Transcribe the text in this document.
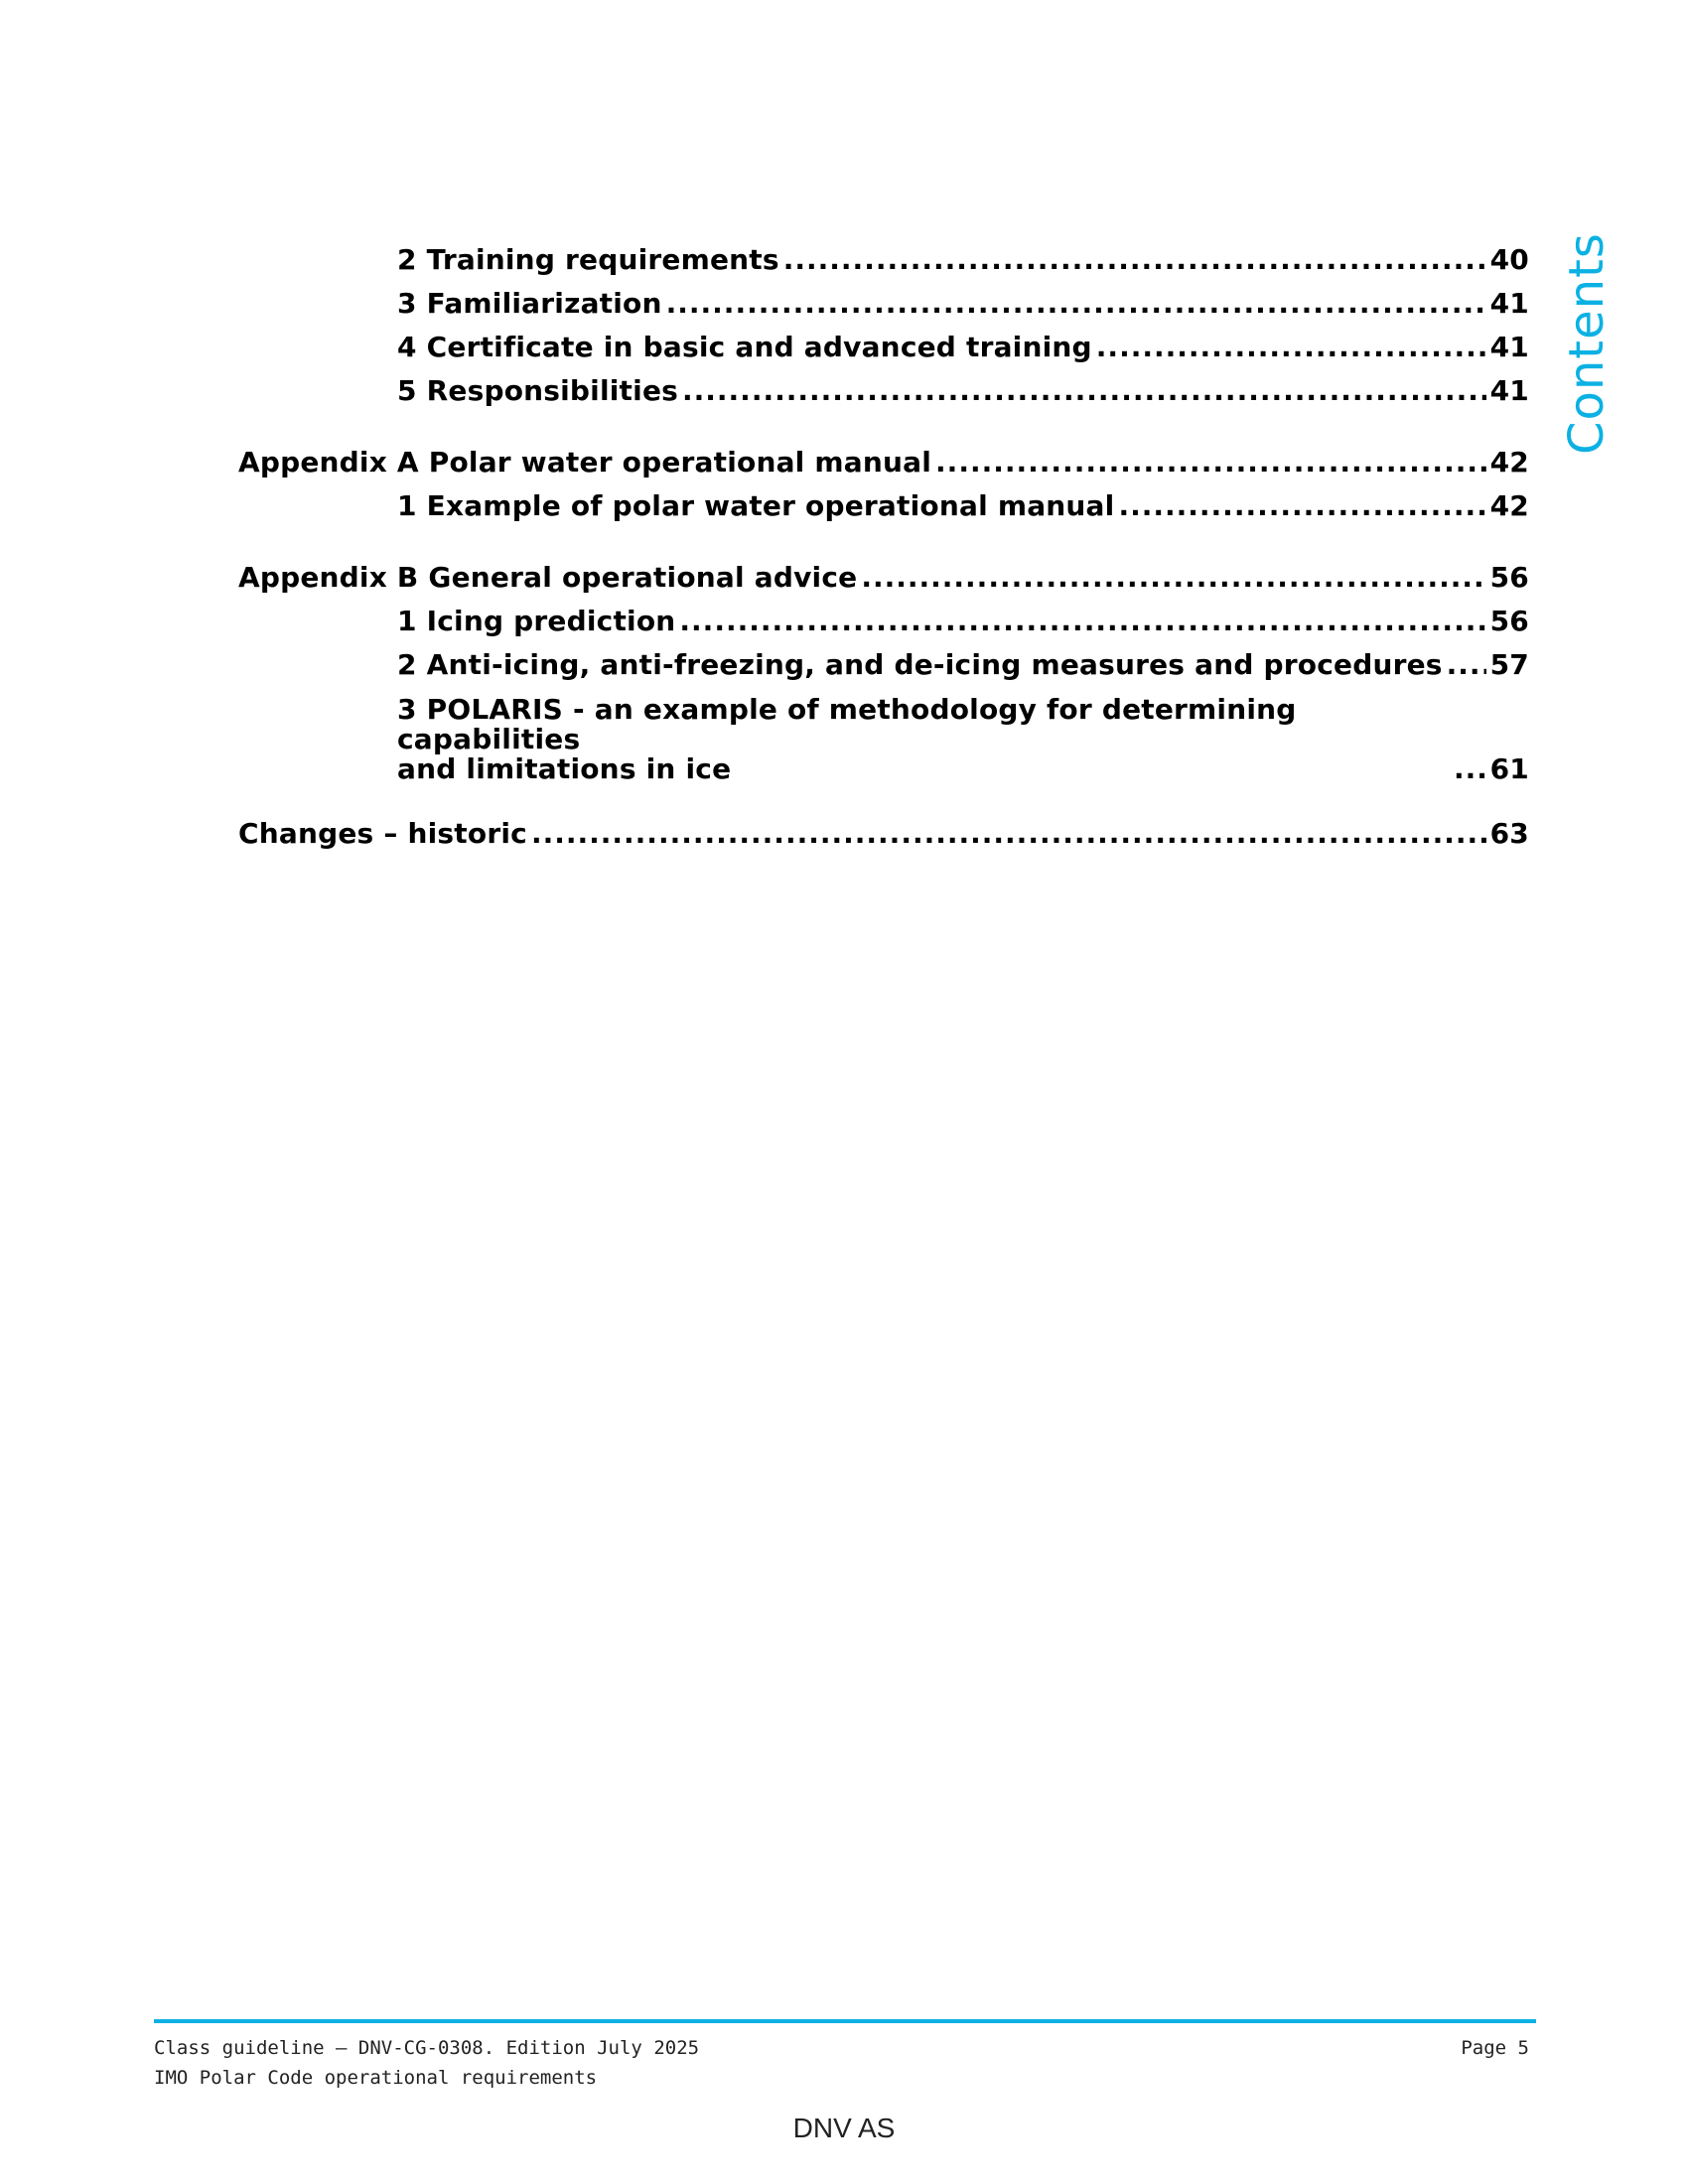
2 Training requirements .....	40
3 Familiarization .....	41
4 Certificate in basic and advanced training .....	41
5 Responsibilities .....	41
Appendix A Polar water operational manual .....	42
1 Example of polar water operational manual .....	42
Appendix B General operational advice .....	56
1 Icing prediction .....	56
2 Anti-icing, anti-freezing, and de-icing measures and procedures ..... 57
3 POLARIS - an example of methodology for determining capabilities
and limitations in ice .....	61
Changes – historic .....	63
Contents
Class guideline — DNV-CG-0308. Edition July 2025
IMO Polar Code operational requirements
Page 5
DNV AS
